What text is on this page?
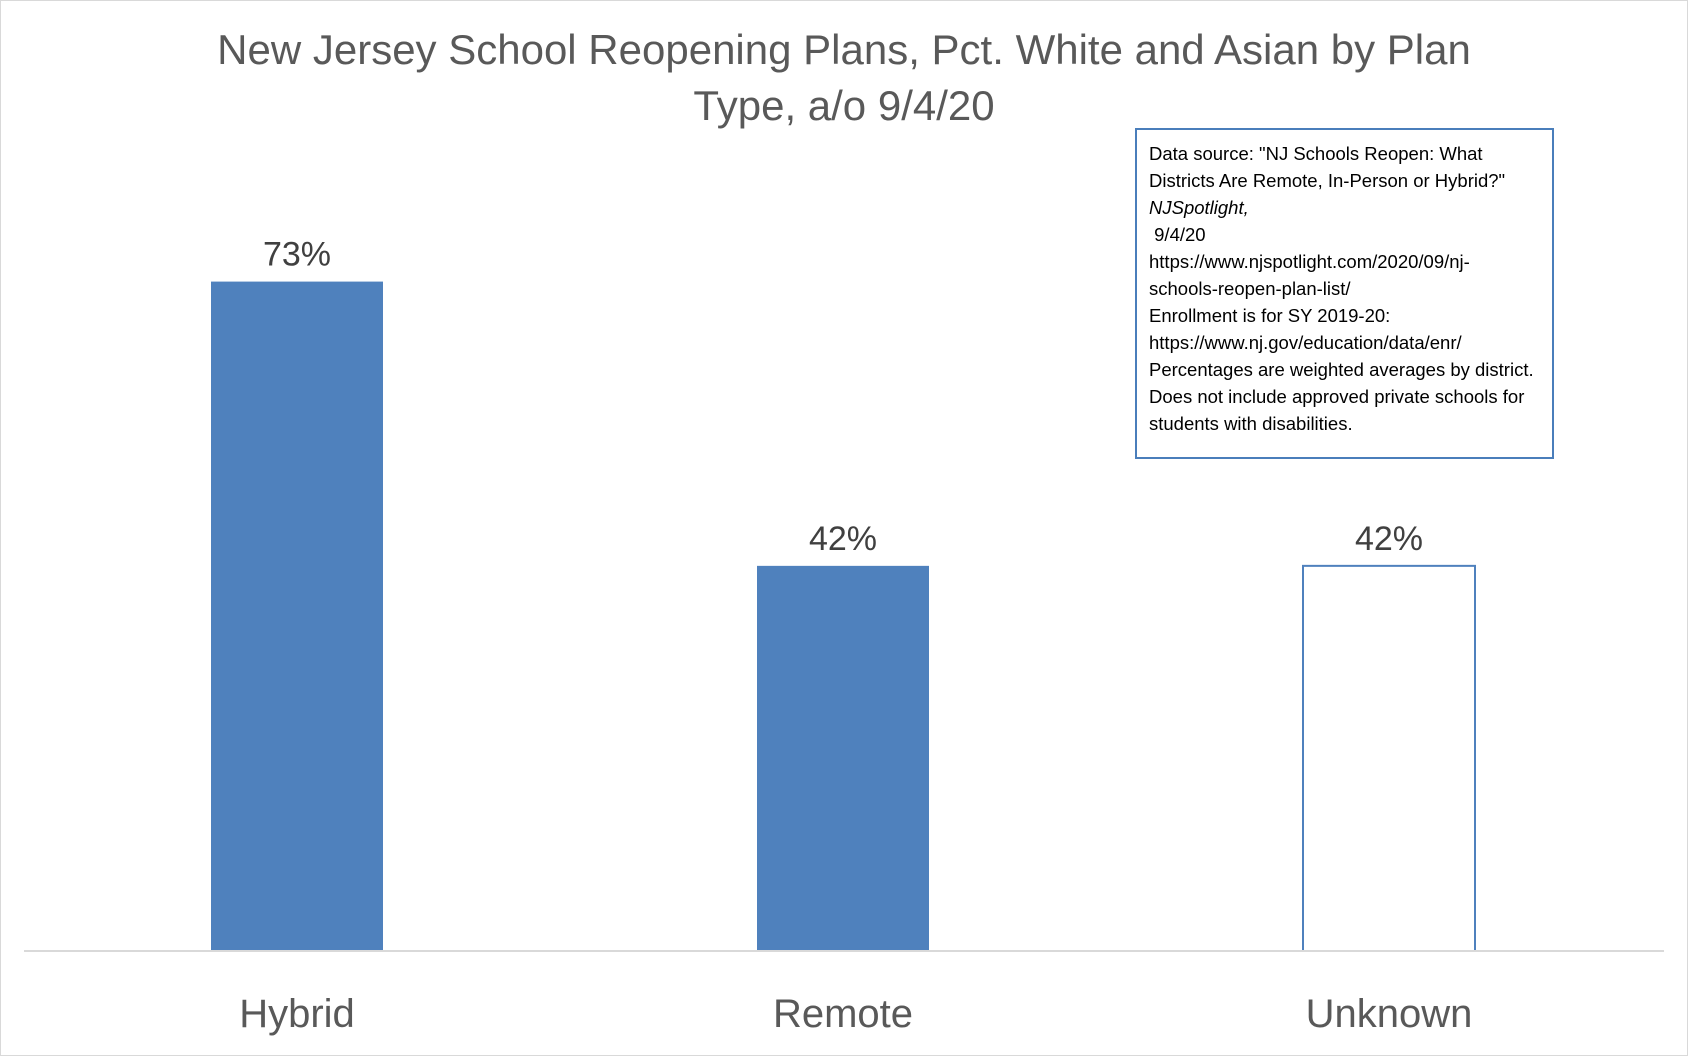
New Jersey School Reopening Plans, Pct. White and Asian by Plan
Type, a/o 9/4/20
73%
Hybrid
42%
Remote
42%
Unknown
Data source: "NJ Schools Reopen: What
Districts Are Remote, In-Person or Hybrid?"
NJSpotlight,
9/4/20
https://www.njspotlight.com/2020/09/nj-
schools-reopen-plan-list/
Enrollment is for SY 2019-20:
https://www.nj.gov/education/data/enr/
Percentages are weighted averages by district.
Does not include approved private schools for
students with disabilities.
